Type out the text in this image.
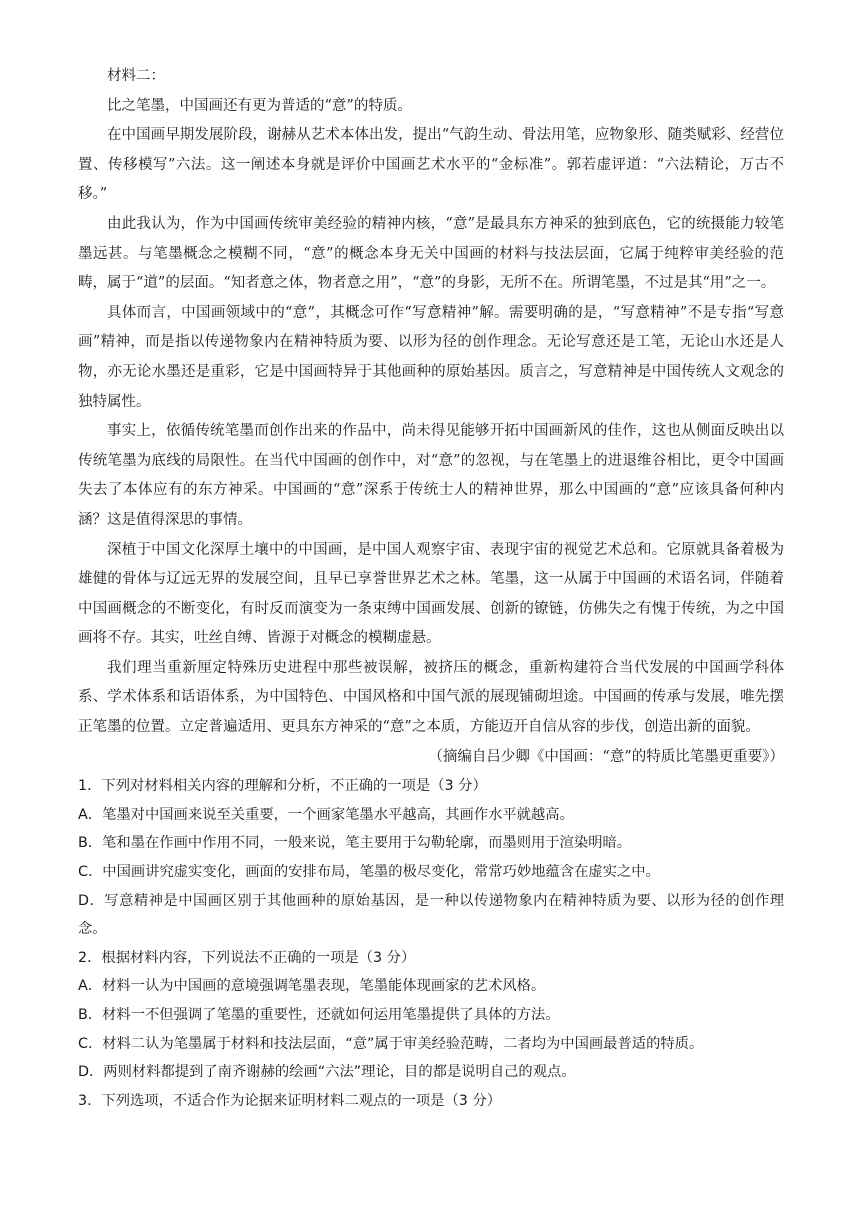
材料二：

比之笔墨，中国画还有更为普适的“意”的特质。

在中国画早期发展阶段，谢赫从艺术本体出发，提出“气韵生动、骨法用笔，应物象形、随类赋彩、经营位置、传移模写”六法。这一阐述本身就是评价中国画艺术水平的“金标准”。郭若虚评道：“六法精论，万古不移。”

由此我认为，作为中国画传统审美经验的精神内核，“意”是最具东方神采的独到底色，它的统摄能力较笔墨远甚。与笔墨概念之模糊不同，“意”的概念本身无关中国画的材料与技法层面，它属于纯粹审美经验的范畴，属于“道”的层面。“知者意之体，物者意之用”，“意”的身影，无所不在。所谓笔墨，不过是其“用”之一。

具体而言，中国画领域中的“意”，其概念可作“写意精神”解。需要明确的是，“写意精神”不是专指“写意画”精神，而是指以传递物象内在精神特质为要、以形为径的创作理念。无论写意还是工笔，无论山水还是人物，亦无论水墨还是重彩，它是中国画特异于其他画种的原始基因。质言之，写意精神是中国传统人文观念的独特属性。

事实上，依循传统笔墨而创作出来的作品中，尚未得见能够开拓中国画新风的佳作，这也从侧面反映出以传统笔墨为底线的局限性。在当代中国画的创作中，对“意”的忽视，与在笔墨上的进退维谷相比，更令中国画失去了本体应有的东方神采。中国画的“意”深系于传统士人的精神世界，那么中国画的“意”应该具备何种内涵？这是值得深思的事情。

深植于中国文化深厚土壤中的中国画，是中国人观察宇宙、表现宇宙的视觉艺术总和。它原就具备着极为雄健的骨体与辽远无界的发展空间，且早已享誉世界艺术之林。笔墨，这一从属于中国画的术语名词，伴随着中国画概念的不断变化，有时反而演变为一条束缚中国画发展、创新的镣链，仿佛失之有愧于传统，为之中国画将不存。其实，吐丝自缚、皆源于对概念的模糊虚悬。

我们理当重新厘定特殊历史进程中那些被误解，被挤压的概念，重新构建符合当代发展的中国画学科体系、学术体系和话语体系，为中国特色、中国风格和中国气派的展现铺砌坦途。中国画的传承与发展，唯先摆正笔墨的位置。立定普遍适用、更具东方神采的“意”之本质，方能迈开自信从容的步伐，创造出新的面貌。

（摘编自吕少卿《中国画：“意”的特质比笔墨更重要》）

1．下列对材料相关内容的理解和分析，不正确的一项是（3 分）

A．笔墨对中国画来说至关重要，一个画家笔墨水平越高，其画作水平就越高。

B．笔和墨在作画中作用不同，一般来说，笔主要用于勾勒轮廓，而墨则用于渲染明暗。

C．中国画讲究虚实变化，画面的安排布局，笔墨的极尽变化，常常巧妙地蕴含在虚实之中。

D．写意精神是中国画区别于其他画种的原始基因，是一种以传递物象内在精神特质为要、以形为径的创作理念。

2．根据材料内容，下列说法不正确的一项是（3 分）

A．材料一认为中国画的意境强调笔墨表现，笔墨能体现画家的艺术风格。

B．材料一不但强调了笔墨的重要性，还就如何运用笔墨提供了具体的方法。

C．材料二认为笔墨属于材料和技法层面，“意”属于审美经验范畴，二者均为中国画最普适的特质。

D．两则材料都提到了南齐谢赫的绘画“六法”理论，目的都是说明自己的观点。

3．下列选项，不适合作为论据来证明材料二观点的一项是（3 分）
